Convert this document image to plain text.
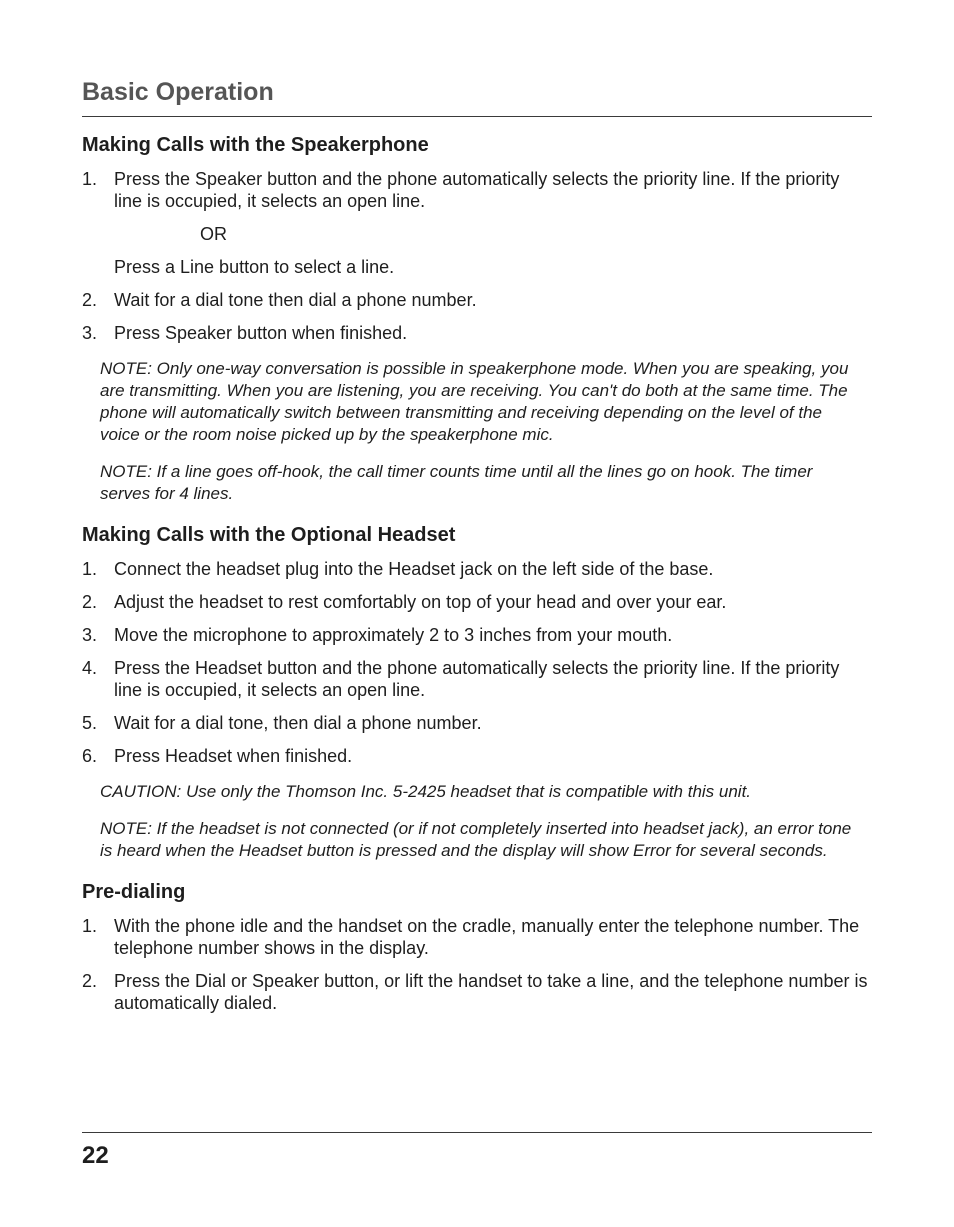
Basic Operation
Making Calls with the Speakerphone
1. Press the Speaker button and the phone automatically selects the priority line. If the priority line is occupied, it selects an open line.
OR
Press a Line button to select a line.
2. Wait for a dial tone then dial a phone number.
3. Press Speaker button when finished.

NOTE: Only one-way conversation is possible in speakerphone mode. When you are speaking, you are transmitting. When you are listening, you are receiving. You can't do both at the same time. The phone will automatically switch between transmitting and receiving depending on the level of the voice or the room noise picked up by the speakerphone mic.

NOTE: If a line goes off-hook, the call timer counts time until all the lines go on hook. The timer serves for 4 lines.

Making Calls with the Optional Headset
1. Connect the headset plug into the Headset jack on the left side of the base.
2. Adjust the headset to rest comfortably on top of your head and over your ear.
3. Move the microphone to approximately 2 to 3 inches from your mouth.
4. Press the Headset button and the phone automatically selects the priority line. If the priority line is occupied, it selects an open line.
5. Wait for a dial tone, then dial a phone number.
6. Press Headset when finished.

CAUTION: Use only the Thomson Inc. 5-2425 headset that is compatible with this unit.

NOTE: If the headset is not connected (or if not completely inserted into headset jack), an error tone is heard when the Headset button is pressed and the display will show Error for several seconds.

Pre-dialing
1. With the phone idle and the handset on the cradle, manually enter the telephone number. The telephone number shows in the display.
2. Press the Dial or Speaker button, or lift the handset to take a line, and the telephone number is automatically dialed.
22
